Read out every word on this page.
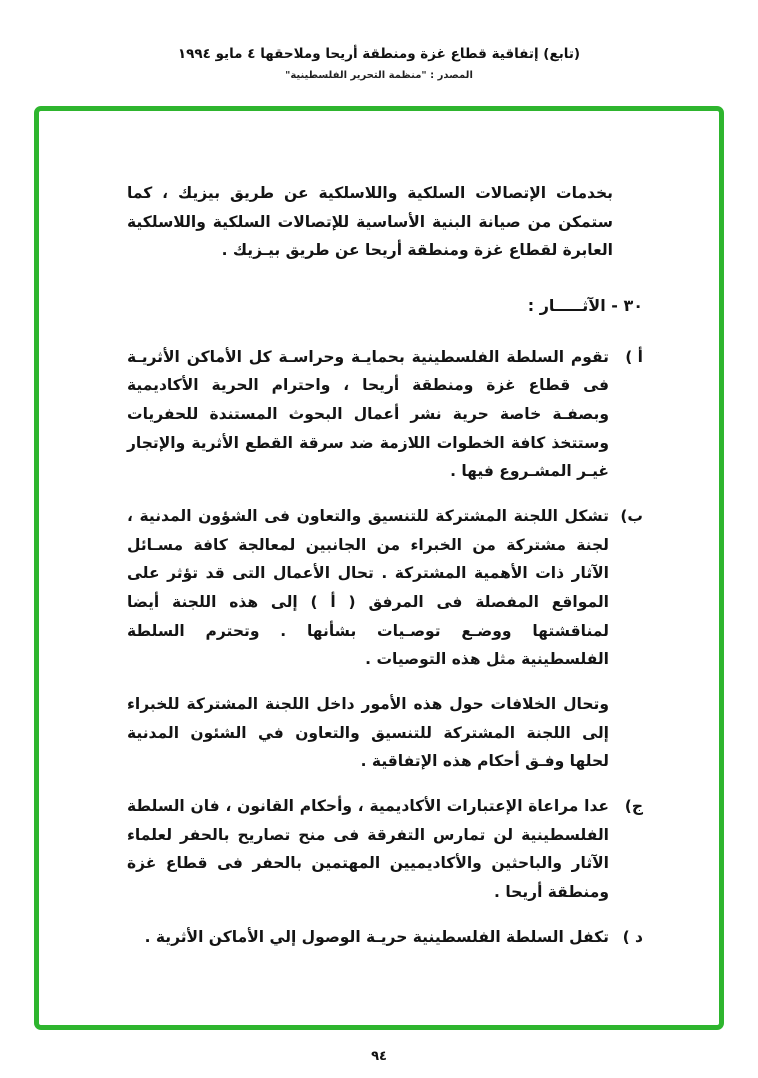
(تابع) إتفاقية قطاع غزة ومنطقة أريحا وملاحقها ٤ مايو ١٩٩٤
المصدر : "منظمة التحرير الفلسطينية"

بخدمات الإتصالات السلكية واللاسلكية عن طريق بيزيك ، كما ستمكن من صيانة البنية الأساسية للإتصالات السلكية واللاسلكية العابرة لقطاع غزة ومنطقة أريحا عن طريق بيـزيك .

٣٠ - الآثـــــار :
أ )
تقوم السلطة الفلسطينية بحمايـة وحراسـة كل الأماكن الأثريـة فى قطاع غزة ومنطقة أريحا ، واحترام الحرية الأكاديمية وبصفـة خاصة حرية نشر أعمال البحوث المستندة للحفريات وستتخذ كافة الخطوات اللازمة ضد سرقة القطع الأثرية والإتجار غيـر المشـروع فيها .
ب)
تشكل اللجنة المشتركة للتنسيق والتعاون فى الشؤون المدنية ، لجنة مشتركة من الخبراء من الجانبين لمعالجة كافة مسـائل الآثار ذات الأهمية المشتركة . تحال الأعمال التى قد تؤثر على المواقع المفصلة فى المرفق ( أ ) إلى هذه اللجنة أيضا لمناقشتها ووضـع توصـيات بشأنها . وتحترم السلطة الفلسطينية مثل هذه التوصيات .
وتحال الخلافات حول هذه الأمور داخل اللجنة المشتركة للخبراء إلى اللجنة المشتركة للتنسيق والتعاون في الشئون المدنية لحلها وفـق أحكام هذه الإتفاقية .
ج)
عدا مراعاة الإعتبارات الأكاديمية ، وأحكام القانون ، فان السلطة الفلسطينية لن تمارس التفرقة فى منح تصاريح بالحفر لعلماء الآثار والباحثين والأكاديميين المهتمين بالحفر فى قطاع غزة ومنطقة أريحا .
د )
تكفل السلطة الفلسطينية حريـة الوصول إلي الأماكن الأثرية .
٩٤
